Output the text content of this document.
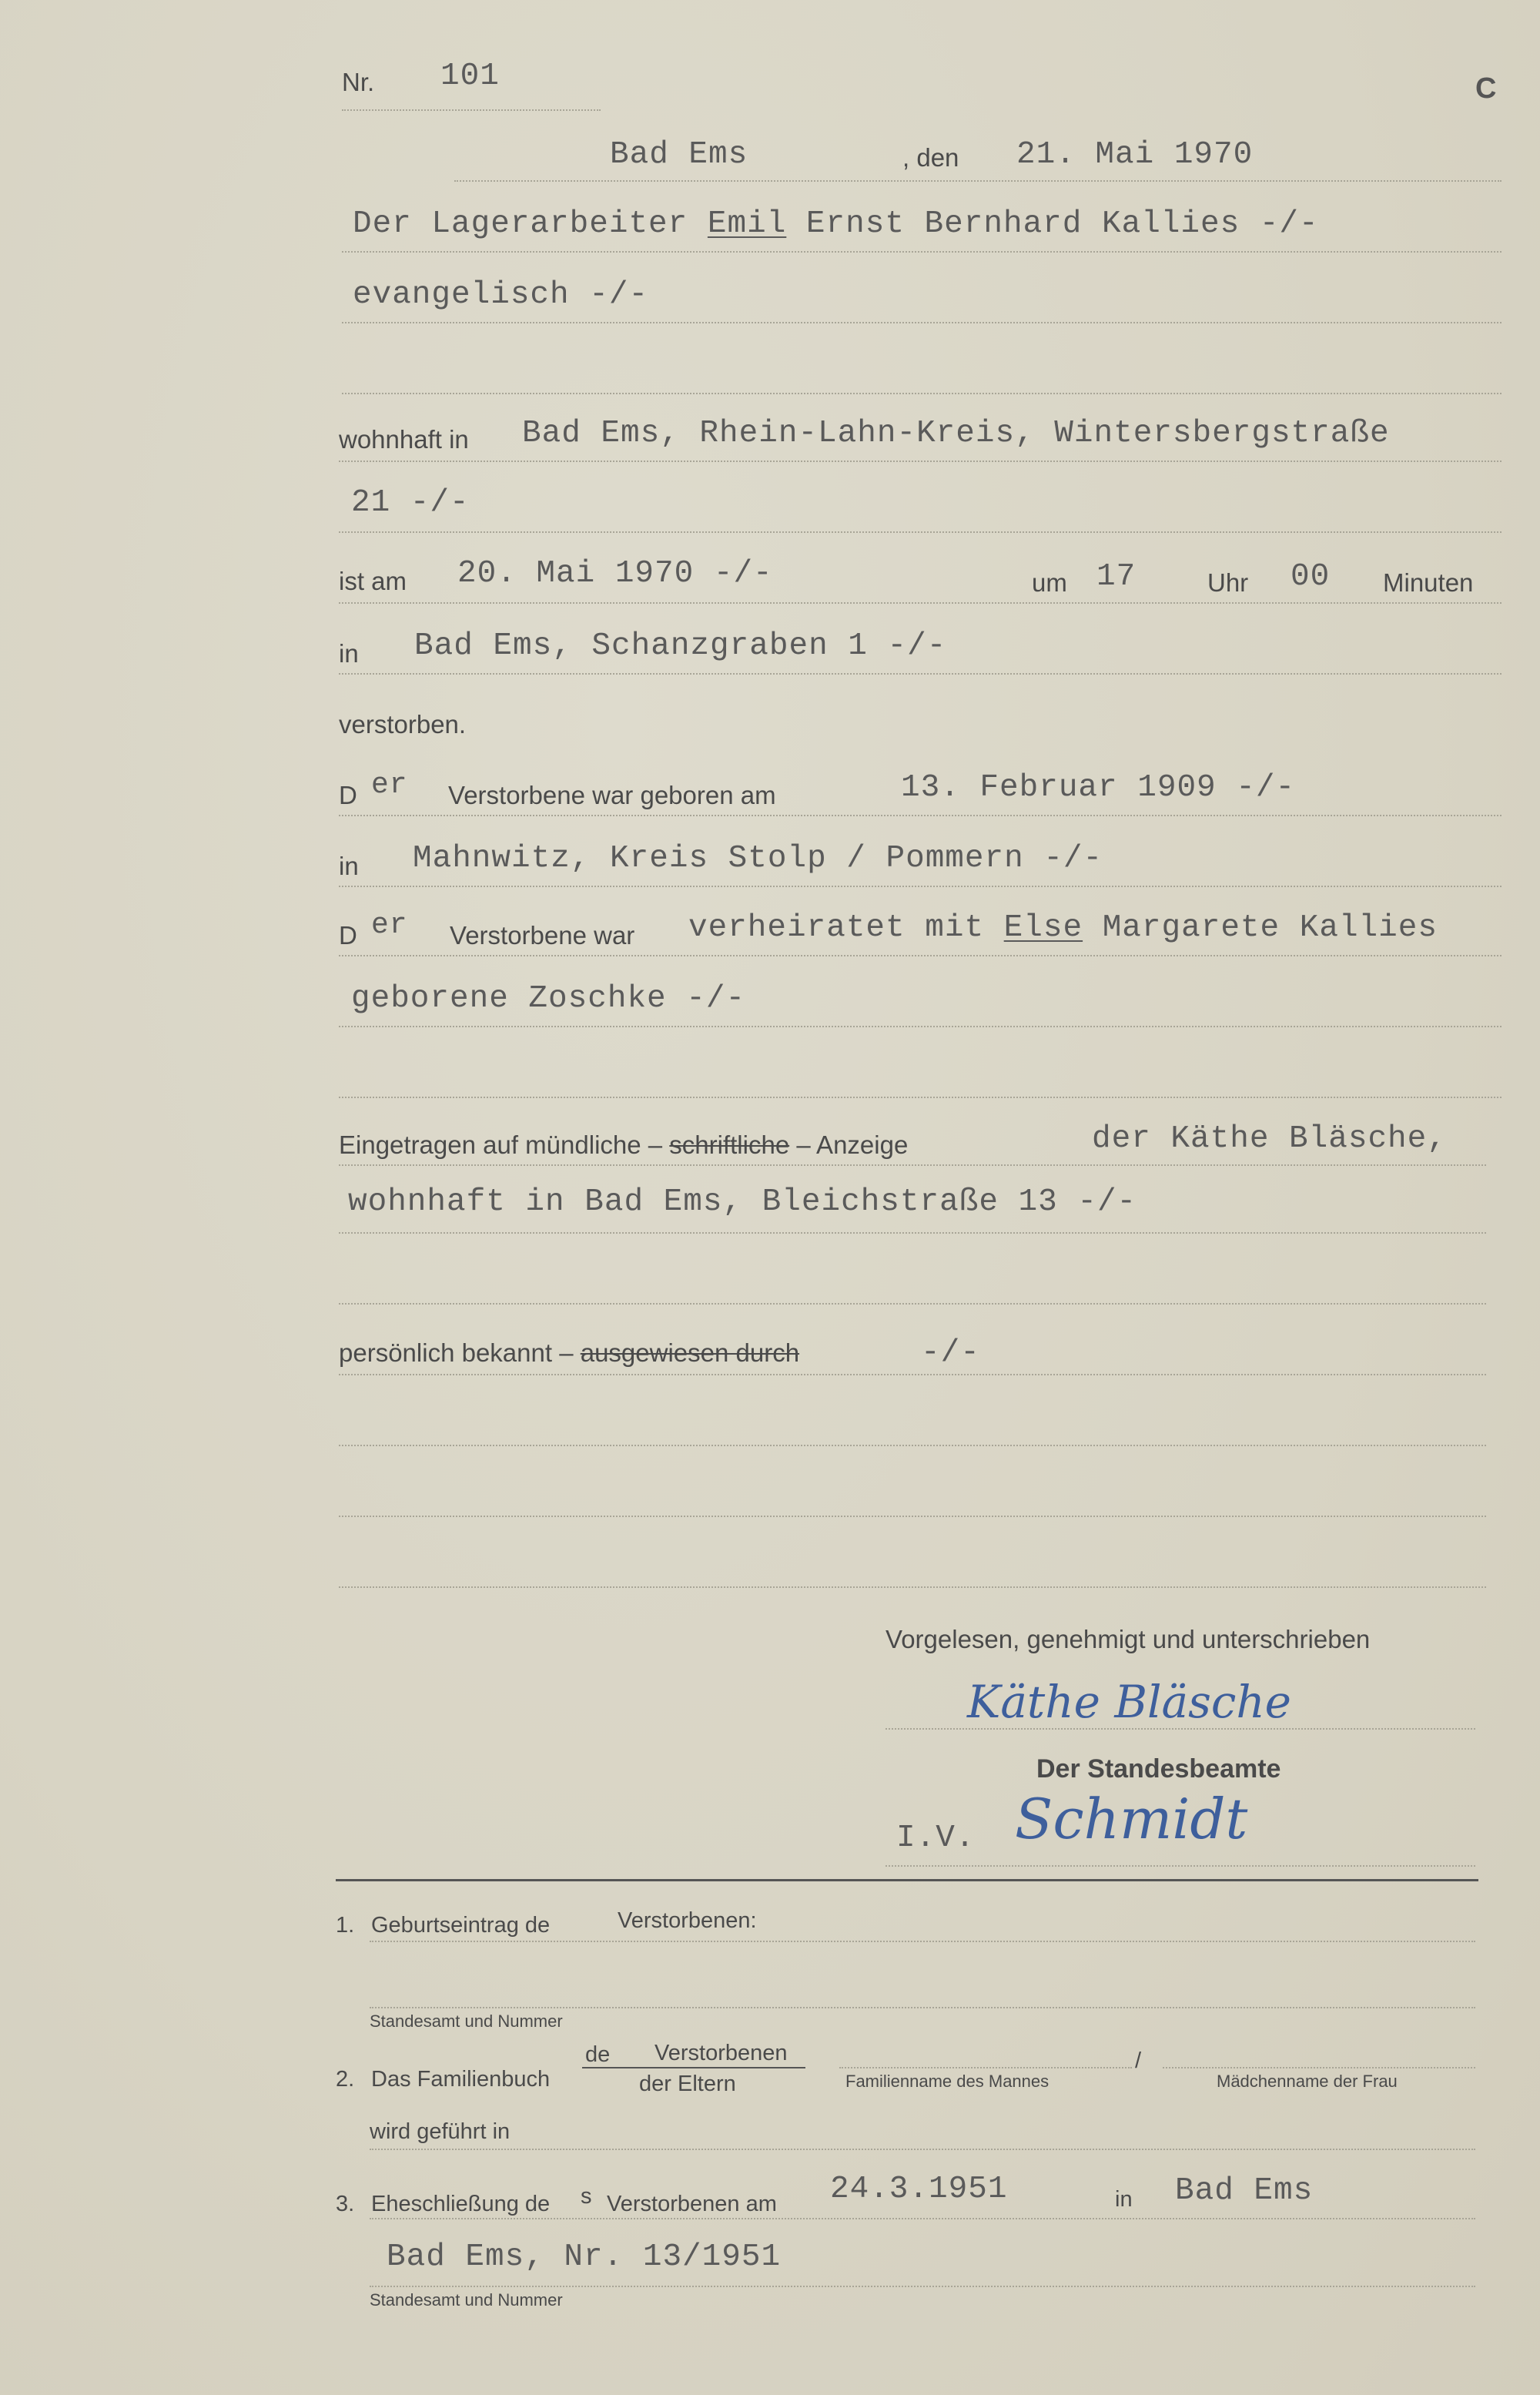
Nr. 101	C
Bad Ems	, den 21. Mai 1970
Der Lagerarbeiter Emil Ernst Bernhard Kallies -/-
evangelisch -/-
wohnhaft in Bad Ems, Rhein-Lahn-Kreis, Wintersbergstraße
21 -/-
ist am 20. Mai 1970 -/-	um 17	Uhr 00 Minuten
in Bad Ems, Schanzgraben 1 -/-
verstorben.
D er Verstorbene war geboren am	13. Februar 1909 -/-
in Mahnwitz, Kreis Stolp / Pommern -/-
D er Verstorbene war verheiratet mit Else Margarete Kallies
geborene Zoschke -/-
Eingetragen auf mündliche – schriftliche – Anzeige	der Käthe Bläsche,
wohnhaft in Bad Ems, Bleichstraße 13 -/-
persönlich bekannt – ausgewiesen durch	-/-
Vorgelesen, genehmigt und unterschrieben
Käthe Bläsche
Der Standesbeamte
I.V. Schmidt
1. Geburtseintrag de	Verstorbenen:
Standesamt und Nummer
2. Das Familienbuch
de Verstorbenen
der Eltern	Familienname des Mannes
/
Mädchenname der Frau
wird geführt in
3. Eheschließung de s Verstorbenen am 24.3.1951	in Bad Ems
Bad Ems, Nr. 13/1951
Standesamt und Nummer
